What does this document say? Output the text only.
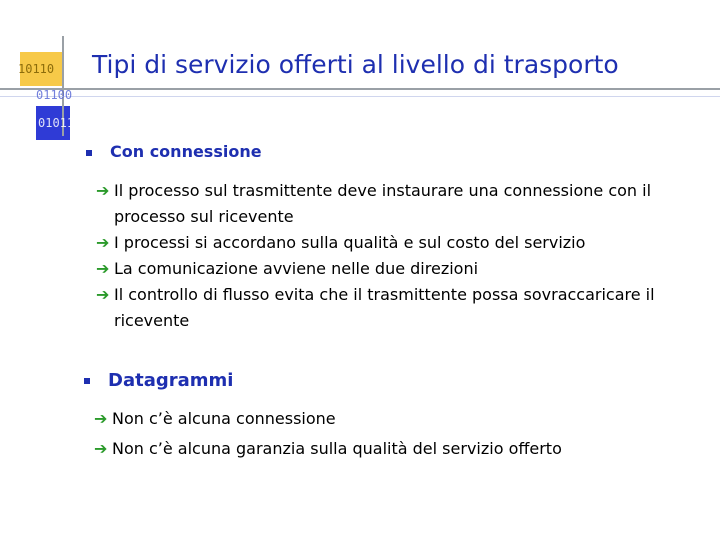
10110
01100
01011
Tipi di servizio offerti al livello di trasporto
Con connessione
➔ Il processo sul trasmittente deve instaurare una connessione con il processo sul ricevente
➔ I processi si accordano sulla qualità e sul costo del servizio
➔ La comunicazione avviene nelle due direzioni
➔ Il controllo di flusso evita che il trasmittente possa sovraccaricare il ricevente
Datagrammi
➔ Non c’è alcuna connessione
➔ Non c’è alcuna garanzia sulla qualità del servizio offerto
